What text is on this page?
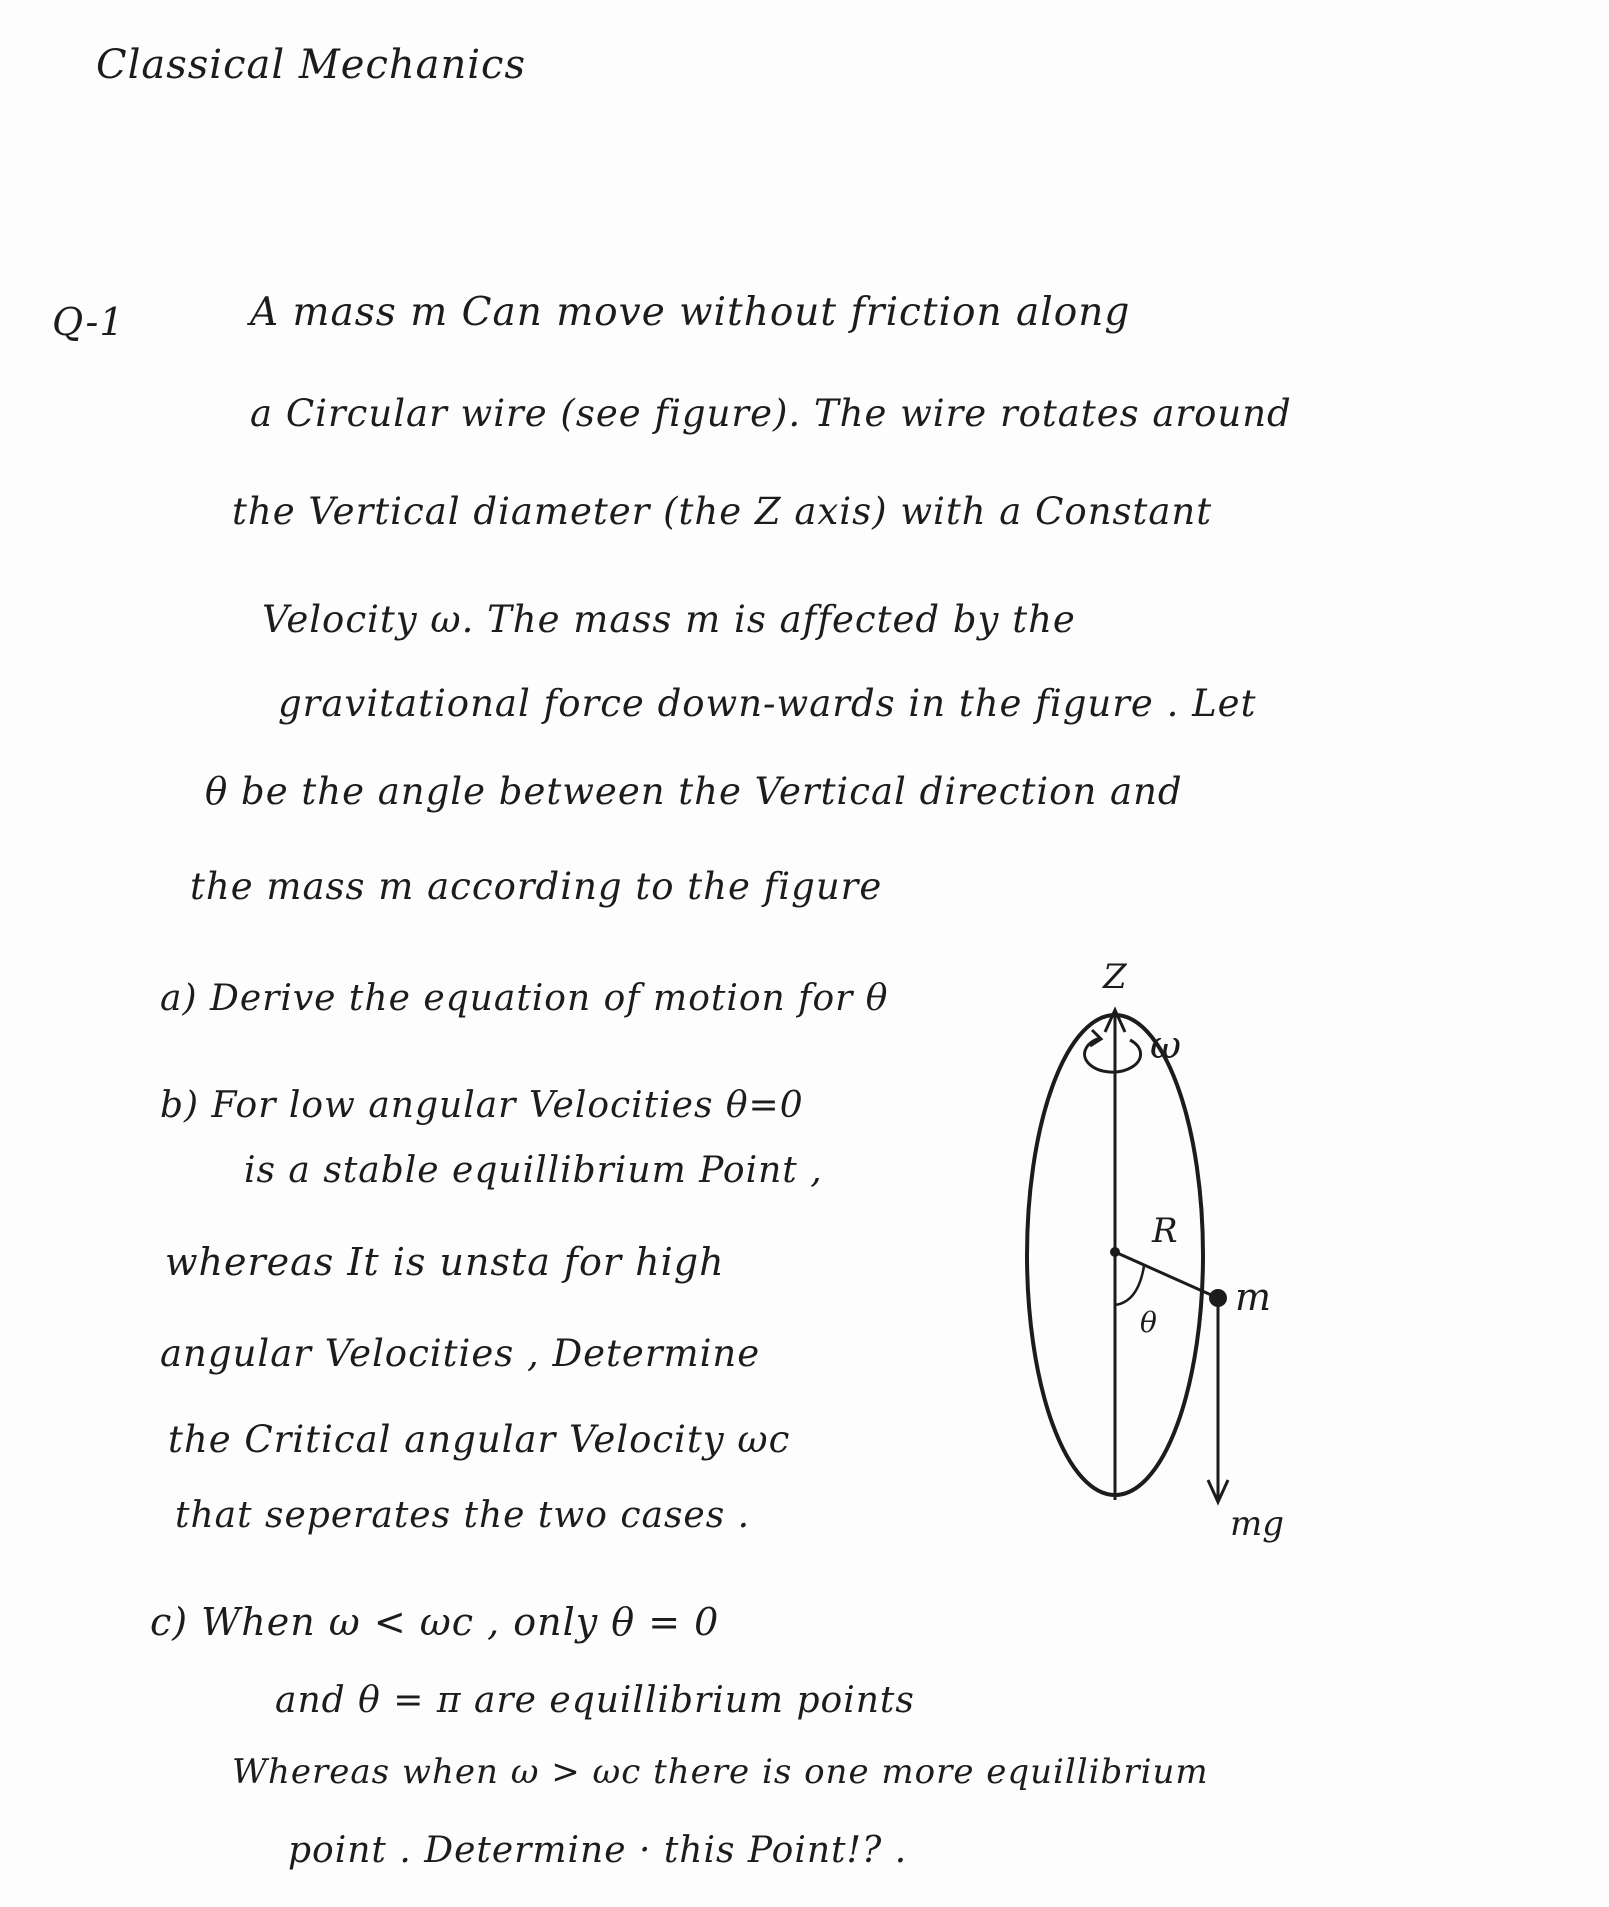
Classical Mechanics
Q-1	A mass m Can move without friction along
a Circular wire (see figure). The wire rotates around
the Vertical diameter (the Z axis) with a Constant
Velocity ω. The mass m is affected by the
gravitational force down-wards in the figure . Let
θ be the angle between the Vertical direction and
the mass m according to the figure
a) Derive the equation of motion for θ
b) For low angular Velocities θ=0
is a stable equillibrium Point ,
whereas It is unsta for high
angular Velocities , Determine
the Critical angular Velocity ωc
that seperates the two cases .
c) When ω < ωc , only θ = 0
and θ = π are equillibrium points
Whereas when ω > ωc there is one more equillibrium
point . Determine · this Point!? .
Z
ω
R
θ
m
mg
